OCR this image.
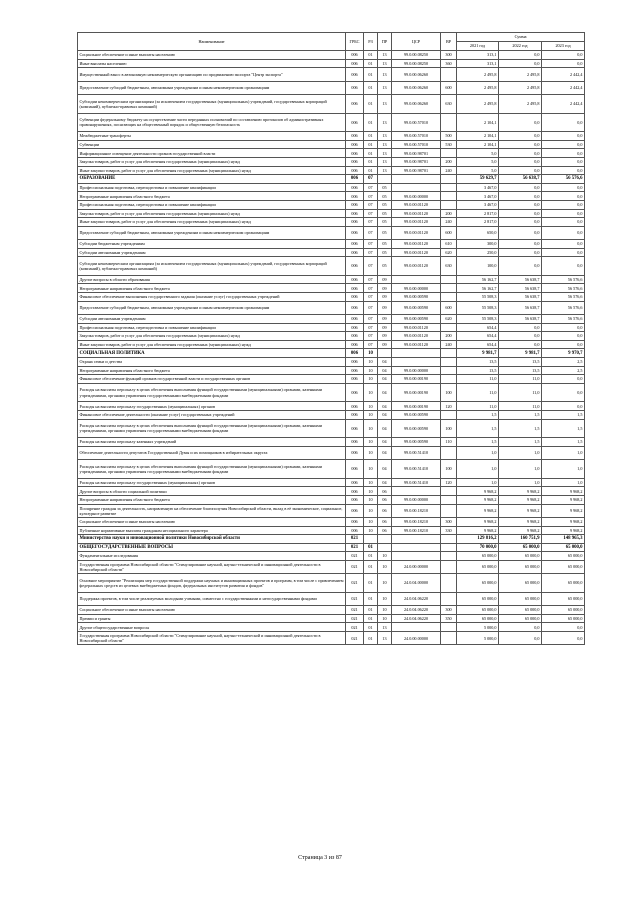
Наименование	ГРБС	РЗ	ПР	ЦСР	ВР	Сумма		
						2021 год	2022 год	2023 год
Социальное обеспечение и иные выплаты населению	006	01	13	99.0.00.08250	300	313,1	0,0	0,0
Иные выплаты населению	006	01	13	99.0.00.08250	360	313,1	0,0	0,0
Имущественный взнос в автономную некоммерческую организацию по продвижению экспорта "Центр экспорта"	006	01	13	99.0.00.06260		2 495,8	2 495,8	2 442,4
Предоставление субсидий бюджетным, автономным учреждениям и иным некоммерческим организациям	006	01	13	99.0.00.06260	600	2 495,8	2 495,8	2 442,4
Субсидии некоммерческим организациям (за исключением государственных (муниципальных) учреждений, государственных корпораций (компаний), публично-правовых компаний)	006	01	13	99.0.00.06260	630	2 495,8	2 495,8	2 442,4
Субвенции федеральному бюджету на осуществление части переданных полномочий по составлению протоколов об административных правонарушениях, посягающих на общественный порядок и общественную безопасность	006	01	13	99.0.00.57010		2 104,1	0,0	0,0
Межбюджетные трансферты	006	01	13	99.0.00.57010	500	2 104,1	0,0	0,0
Субвенции	006	01	13	99.0.00.57010	530	2 104,1	0,0	0,0
Информационное освещение деятельности органов государственной власти	006	01	13	99.0.00.98701		5,0	0,0	0,0
Закупка товаров, работ и услуг для обеспечения государственных (муниципальных) нужд	006	01	13	99.0.00.98701	200	5,0	0,0	0,0
Иные закупки товаров, работ и услуг для обеспечения государственных (муниципальных) нужд	006	01	13	99.0.00.98701	240	5,0	0,0	0,0
ОБРАЗОВАНИЕ	006	07				59 629,7	56 638,7	56 576,6
Профессиональная подготовка, переподготовка и повышение квалификации	006	07	05			3 467,0	0,0	0,0
Непрограммные направления областного бюджета	006	07	05	99.0.00.00000		3 467,0	0,0	0,0
Профессиональная подготовка, переподготовка и повышение квалификации	006	07	05	99.0.00.01120		3 467,0	0,0	0,0
Закупка товаров, работ и услуг для обеспечения государственных (муниципальных) нужд	006	07	05	99.0.00.01120	200	2 817,0	0,0	0,0
Иные закупки товаров, работ и услуг для обеспечения государственных (муниципальных) нужд	006	07	05	99.0.00.01120	240	2 817,0	0,0	0,0
Предоставление субсидий бюджетным, автономным учреждениям и иным некоммерческим организациям	006	07	05	99.0.00.01120	600	650,0	0,0	0,0
Субсидии бюджетным учреждениям	006	07	05	99.0.00.01120	610	300,0	0,0	0,0
Субсидии автономным учреждениям	006	07	05	99.0.00.01120	620	250,0	0,0	0,0
Субсидии некоммерческим организациям (за исключением государственных (муниципальных) учреждений, государственных корпораций (компаний), публично-правовых компаний)	006	07	05	99.0.00.01120	630	100,0	0,0	0,0
Другие вопросы в области образования	006	07	09			56 162,7	56 638,7	56 576,6
Непрограммные направления областного бюджета	006	07	09	99.0.00.00000		56 162,7	56 638,7	56 576,6
Финансовое обеспечение выполнения государственного задания (оказание услуг) государственных учреждений	006	07	09	99.0.00.00590		55 508,3	56 638,7	56 576,6
Предоставление субсидий бюджетным, автономным учреждениям и иным некоммерческим организациям	006	07	09	99.0.00.00590	600	55 508,3	56 638,7	56 576,6
Субсидии автономным учреждениям	006	07	09	99.0.00.00590	620	55 508,3	56 638,7	56 576,6
Профессиональная подготовка, переподготовка и повышение квалификации	006	07	09	99.0.00.01120		654,4	0,0	0,0
Закупка товаров, работ и услуг для обеспечения государственных (муниципальных) нужд	006	07	09	99.0.00.01120	200	654,4	0,0	0,0
Иные закупки товаров, работ и услуг для обеспечения государственных (муниципальных) нужд	006	07	09	99.0.00.01120	240	654,4	0,0	0,0
СОЦИАЛЬНАЯ ПОЛИТИКА	006	10				9 981,7	9 981,7	9 970,7
Охрана семьи и детства	006	10	04			13,5	13,5	2,5
Непрограммные направления областного бюджета	006	10	04	99.0.00.00000		13,5	13,5	2,5
Финансовое обеспечение функций органов государственной власти и государственных органов	006	10	04	99.0.00.00190		11,0	11,0	0,0
Расходы на выплаты персоналу в целях обеспечения выполнения функций государственными (муниципальными) органами, казенными учреждениями, органами управления государственными внебюджетными фондами	006	10	04	99.0.00.00190	100	11,0	11,0	0,0
Расходы на выплаты персоналу государственных (муниципальных) органов	006	10	04	99.0.00.00190	120	11,0	11,0	0,0
Финансовое обеспечение деятельности (оказание услуг) государственных учреждений	006	10	04	99.0.00.00590		1,5	1,5	1,5
Расходы на выплаты персоналу в целях обеспечения выполнения функций государственными (муниципальными) органами, казенными учреждениями, органами управления государственными внебюджетными фондами	006	10	04	99.0.00.00590	100	1,5	1,5	1,5
Расходы на выплаты персоналу казенных учреждений	006	10	04	99.0.00.00590	110	1,5	1,5	1,5
Обеспечение деятельности депутатов Государственной Думы и их помощников в избирательных округах	006	10	04	99.0.00.51410		1,0	1,0	1,0
Расходы на выплаты персоналу в целях обеспечения выполнения функций государственными (муниципальными) органами, казенными учреждениями, органами управления государственными внебюджетными фондами	006	10	04	99.0.00.51410	100	1,0	1,0	1,0
Расходы на выплаты персоналу государственных (муниципальных) органов	006	10	04	99.0.00.51410	120	1,0	1,0	1,0
Другие вопросы в области социальной политики	006	10	06			9 968,2	9 968,2	9 968,2
Непрограммные направления областного бюджета	006	10	06	99.0.00.00000		9 968,2	9 968,2	9 968,2
Поощрение граждан за деятельность, направленную на обеспечение благополучия Новосибирской области, вклад в её экономическое, социальное, культурное развитие	006	10	06	99.0.00.18210		9 968,2	9 968,2	9 968,2
Социальное обеспечение и иные выплаты населению	006	10	06	99.0.00.18210	300	9 968,2	9 968,2	9 968,2
Публичные нормативные выплаты гражданам несоциального характера	006	10	06	99.0.00.18210	330	9 968,2	9 968,2	9 968,2
Министерство науки и инновационной политики Новосибирской области	021					129 816,2	160 751,9	148 965,3
ОБЩЕГОСУДАРСТВЕННЫЕ ВОПРОСЫ	021	01				70 000,0	65 000,0	65 000,0
Фундаментальные исследования	021	01	10			65 000,0	65 000,0	65 000,0
Государственная программа Новосибирской области "Стимулирование научной, научно-технической и инновационной деятельности в Новосибирской области"	021	01	10	24.0.00.00000		65 000,0	65 000,0	65 000,0
Основное мероприятие "Реализация мер государственной поддержки научных и инновационных проектов и программ, в том числе с привлечением федеральных средств из целевых внебюджетных фондов, федеральных институтов развития и фондов"	021	01	10	24.0.04.00000		65 000,0	65 000,0	65 000,0
Поддержка проектов, в том числе реализуемых молодыми учеными, совместно с государственными и негосударственными фондами	021	01	10	24.0.04.06220		65 000,0	65 000,0	65 000,0
Социальное обеспечение и иные выплаты населению	021	01	10	24.0.04.06220	300	65 000,0	65 000,0	65 000,0
Премии и гранты	021	01	10	24.0.04.06220	350	65 000,0	65 000,0	65 000,0
Другие общегосударственные вопросы	021	01	13			5 000,0	0,0	0,0
Государственная программа Новосибирской области "Стимулирование научной, научно-технической и инновационной деятельности в Новосибирской области"	021	01	13	24.0.00.00000		5 000,0	0,0	0,0
Страница 3 из 87
